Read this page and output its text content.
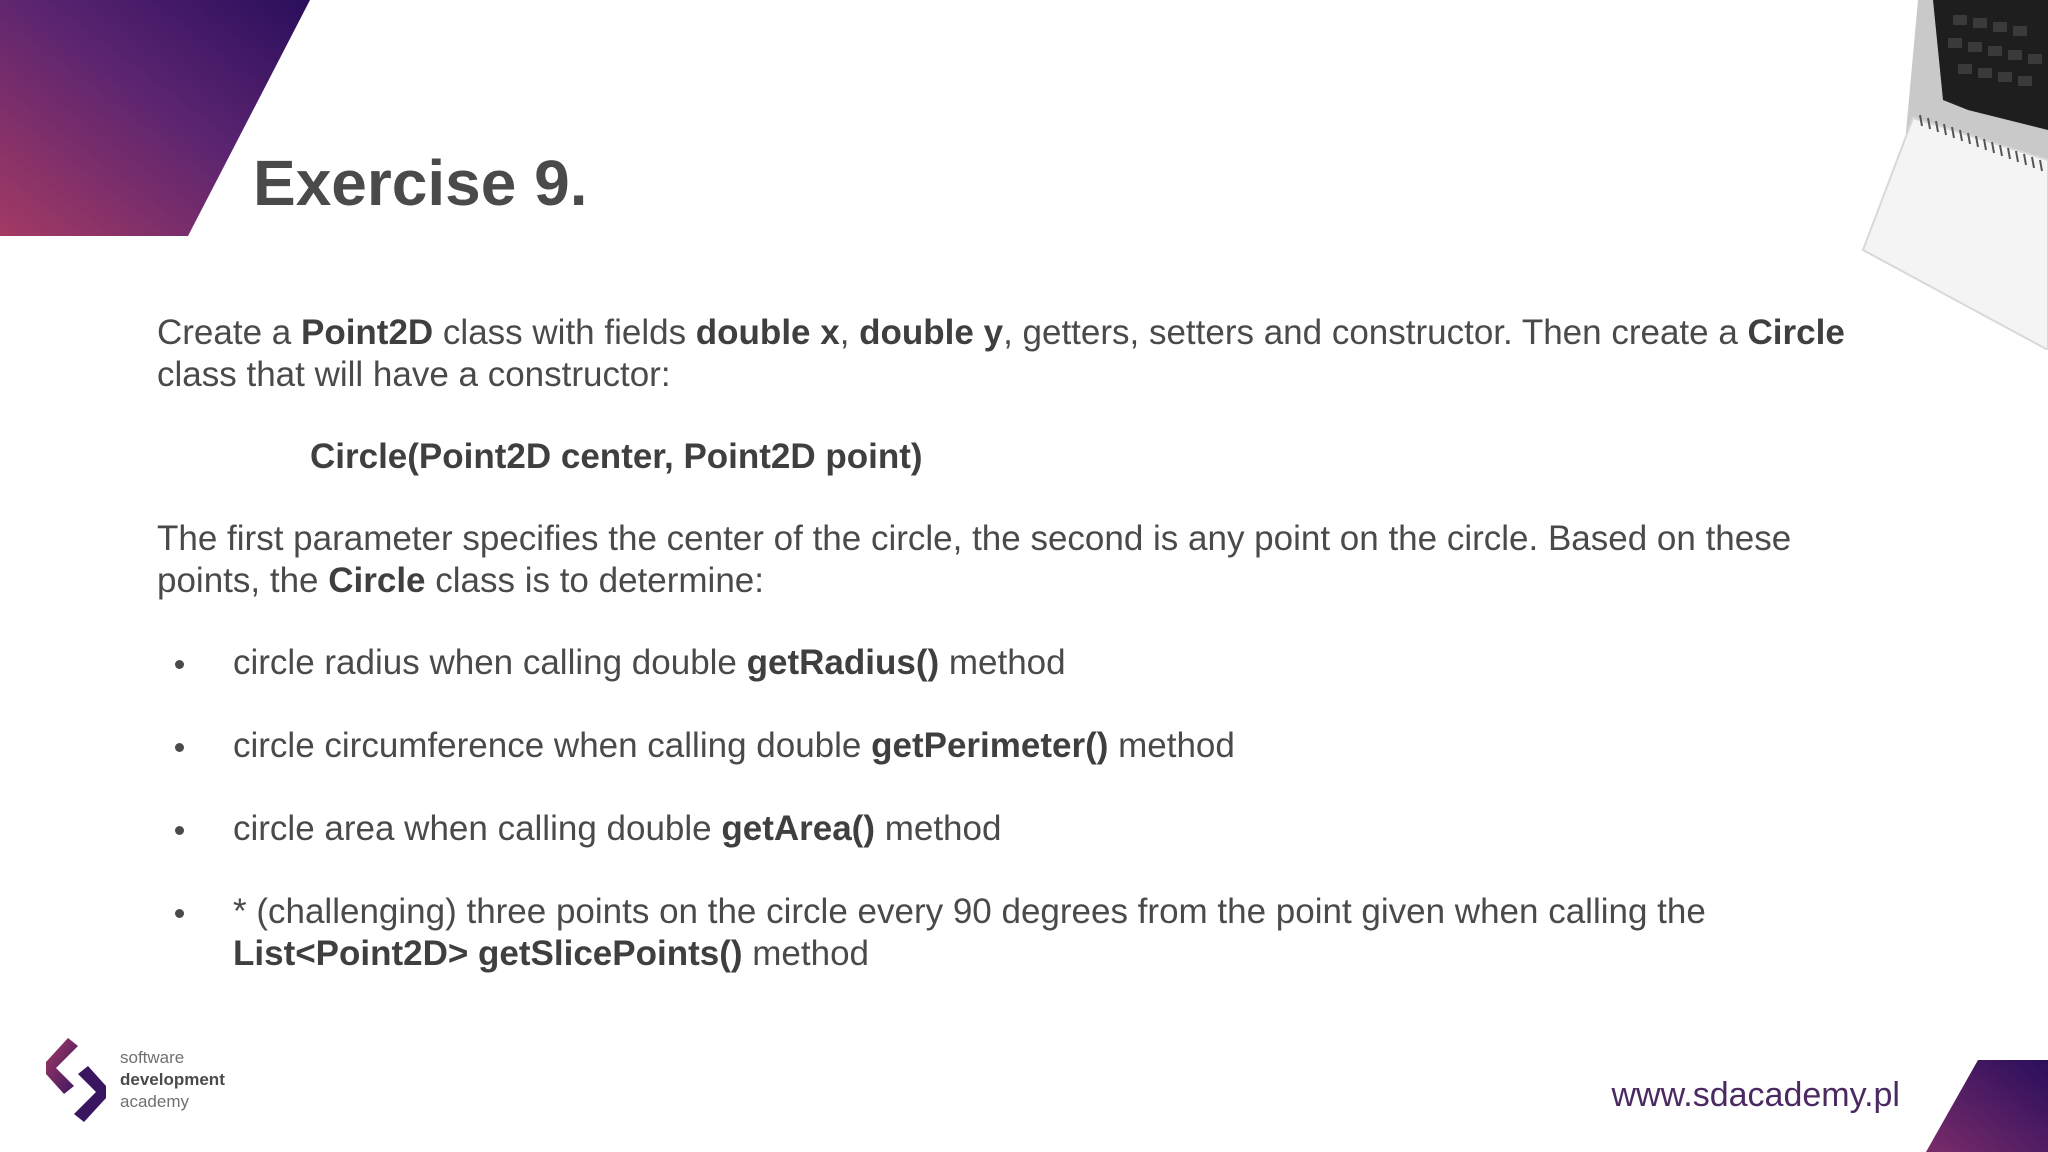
Exercise 9.

Create a Point2D class with fields double x, double y, getters, setters and constructor. Then create a Circle class that will have a constructor:

Circle(Point2D center, Point2D point)

The first parameter specifies the center of the circle, the second is any point on the circle. Based on these points, the Circle class is to determine:

circle radius when calling double getRadius() method
circle circumference when calling double getPerimeter() method
circle area when calling double getArea() method
* (challenging) three points on the circle every 90 degrees from the point given when calling the List<Point2D> getSlicePoints() method
software
development
academy	www.sdacademy.pl
